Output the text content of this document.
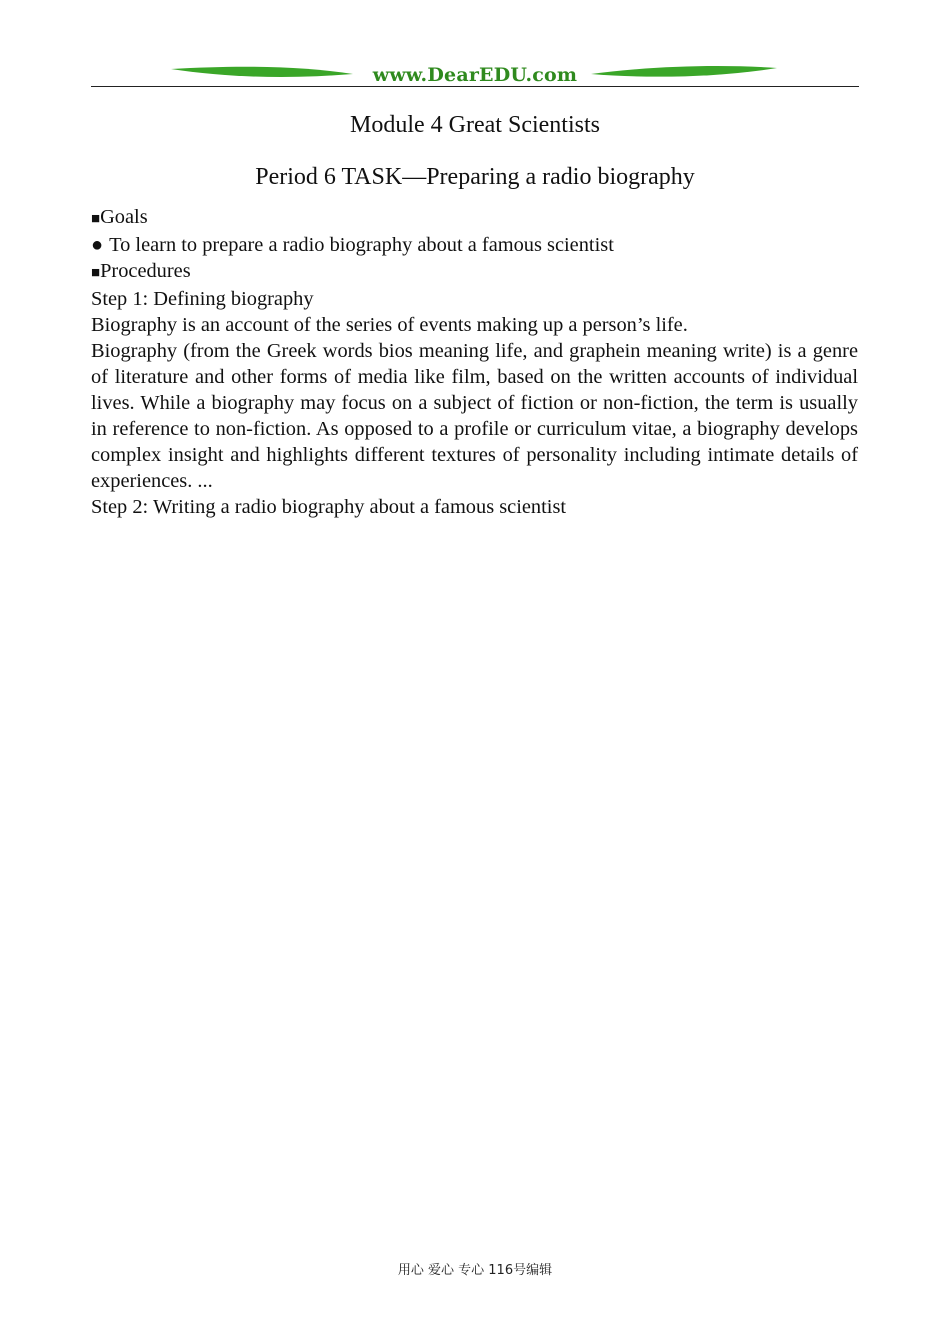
www.DearEDU.com
Module 4 Great Scientists
Period 6 TASK—Preparing a radio biography
■Goals
● To learn to prepare a radio biography about a famous scientist
■Procedures
Step 1: Defining biography
Biography is an account of the series of events making up a person’s life.
Biography (from the Greek words bios meaning life, and graphein meaning write) is a genre of literature and other forms of media like film, based on the written accounts of individual lives. While a biography may focus on a subject of fiction or non-fiction, the term is usually in reference to non-fiction. As opposed to a profile or curriculum vitae, a biography develops complex insight and highlights different textures of personality including intimate details of experiences. ...
Step 2: Writing a radio biography about a famous scientist
用心 爱心 专心 116号编辑
